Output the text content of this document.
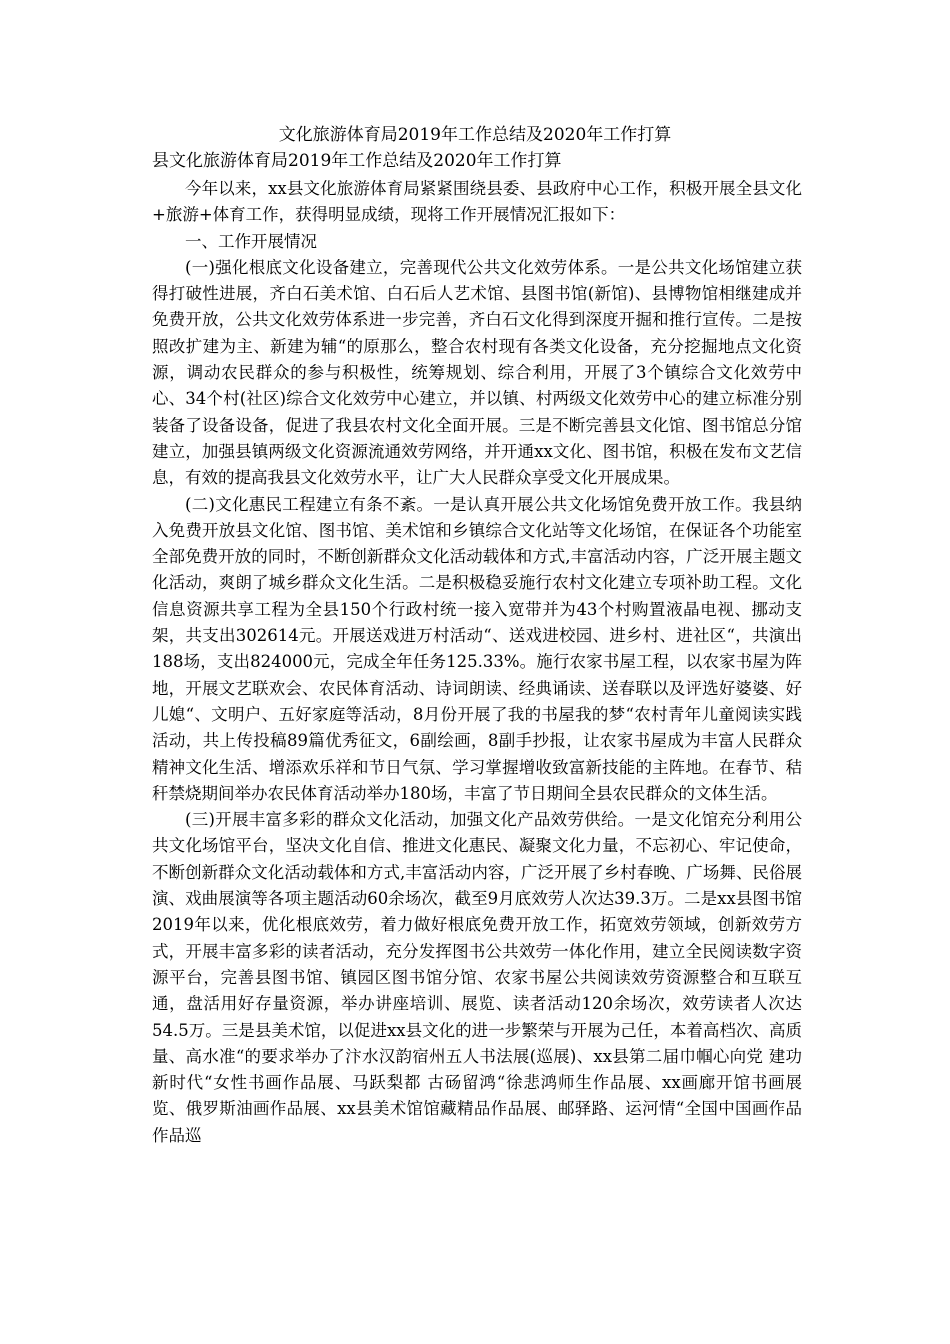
文化旅游体育局2019年工作总结及2020年工作打算
县文化旅游体育局2019年工作总结及2020年工作打算

今年以来，xx县文化旅游体育局紧紧围绕县委、县政府中心工作，积极开展全县文化+旅游+体育工作，获得明显成绩，现将工作开展情况汇报如下：

一、工作开展情况

(一)强化根底文化设备建立，完善现代公共文化效劳体系。一是公共文化场馆建立获得打破性进展，齐白石美术馆、白石后人艺术馆、县图书馆(新馆)、县博物馆相继建成并免费开放，公共文化效劳体系进一步完善，齐白石文化得到深度开掘和推行宣传。二是按照改扩建为主、新建为辅“的原那么，整合农村现有各类文化设备，充分挖掘地点文化资源，调动农民群众的参与积极性，统筹规划、综合利用，开展了3个镇综合文化效劳中心、34个村(社区)综合文化效劳中心建立，并以镇、村两级文化效劳中心的建立标准分别装备了设备设备，促进了我县农村文化全面开展。三是不断完善县文化馆、图书馆总分馆建立，加强县镇两级文化资源流通效劳网络，并开通xx文化、图书馆，积极在发布文艺信息，有效的提高我县文化效劳水平，让广大人民群众享受文化开展成果。

(二)文化惠民工程建立有条不紊。一是认真开展公共文化场馆免费开放工作。我县纳入免费开放县文化馆、图书馆、美术馆和乡镇综合文化站等文化场馆，在保证各个功能室全部免费开放的同时，不断创新群众文化活动载体和方式,丰富活动内容，广泛开展主题文化活动，爽朗了城乡群众文化生活。二是积极稳妥施行农村文化建立专项补助工程。文化信息资源共享工程为全县150个行政村统一接入宽带并为43个村购置液晶电视、挪动支架，共支出302614元。开展送戏进万村活动“、送戏进校园、进乡村、进社区“，共演出188场，支出824000元，完成全年任务125.33%。施行农家书屋工程，以农家书屋为阵地，开展文艺联欢会、农民体育活动、诗词朗读、经典诵读、送春联以及评选好婆婆、好儿媳“、文明户、五好家庭等活动，8月份开展了我的书屋我的梦“农村青年儿童阅读实践活动，共上传投稿89篇优秀征文，6副绘画，8副手抄报，让农家书屋成为丰富人民群众精神文化生活、增添欢乐祥和节日气氛、学习掌握增收致富新技能的主阵地。在春节、秸秆禁烧期间举办农民体育活动举办180场，丰富了节日期间全县农民群众的文体生活。

(三)开展丰富多彩的群众文化活动，加强文化产品效劳供给。一是文化馆充分利用公共文化场馆平台，坚决文化自信、推进文化惠民、凝聚文化力量，不忘初心、牢记使命，不断创新群众文化活动载体和方式,丰富活动内容，广泛开展了乡村春晚、广场舞、民俗展演、戏曲展演等各项主题活动60余场次，截至9月底效劳人次达39.3万。二是xx县图书馆2019年以来，优化根底效劳，着力做好根底免费开放工作，拓宽效劳领域，创新效劳方式，开展丰富多彩的读者活动，充分发挥图书公共效劳一体化作用，建立全民阅读数字资源平台，完善县图书馆、镇园区图书馆分馆、农家书屋公共阅读效劳资源整合和互联互通，盘活用好存量资源，举办讲座培训、展览、读者活动120余场次，效劳读者人次达54.5万。三是县美术馆，以促进xx县文化的进一步繁荣与开展为己任，本着高档次、高质量、高水准“的要求举办了汴水汉韵宿州五人书法展(巡展)、xx县第二届巾帼心向党 建功新时代“女性书画作品展、马跃梨都 古砀留鸿“徐悲鸿师生作品展、xx画廊开馆书画展览、俄罗斯油画作品展、xx县美术馆馆藏精品作品展、邮驿路、运河情“全国中国画作品作品巡
